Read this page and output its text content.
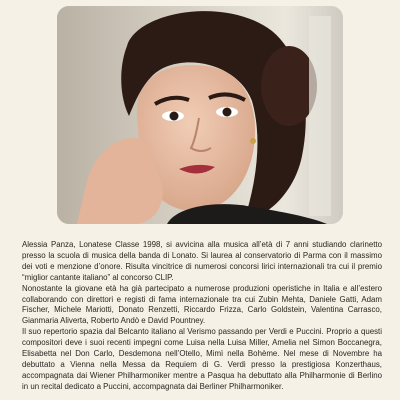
Alessia Panza, Lonatese Classe 1998, si avvicina alla musica all’età di 7 anni studiando clarinetto presso la scuola di musica della banda di Lonato. Si laurea al conservatorio di Parma con il massimo dei voti e menzione d’onore. Risulta vincitrice di numerosi concorsi lirici internazionali tra cui il premio “miglior cantante italiano” al concorso CLIP.

Nonostante la giovane età ha già partecipato a numerose produzioni operistiche in Italia e all’estero collaborando con direttori e registi di fama internazionale tra cui Zubin Mehta, Daniele Gatti, Adam Fischer, Michele Mariotti, Donato Renzetti, Riccardo Frizza, Carlo Goldstein, Valentina Carrasco, Gianmaria Aliverta, Roberto Andò e David Pountney.

Il suo repertorio spazia dal Belcanto italiano al Verismo passando per Verdi e Puccini. Proprio a questi compositori deve i suoi recenti impegni come Luisa nella Luisa Miller, Amelia nel Simon Boccanegra, Elisabetta nel Don Carlo, Desdemona nell’Otello, Mimì nella Bohème. Nel mese di Novembre ha debuttato a Vienna nella Messa da Requiem di G. Verdi presso la prestigiosa Konzerthaus, accompagnata dai Wiener Philharmoniker mentre a Pasqua ha debuttato alla Philharmonie di Berlino in un recital dedicato a Puccini, accompagnata dai Berliner Philharmoniker.
